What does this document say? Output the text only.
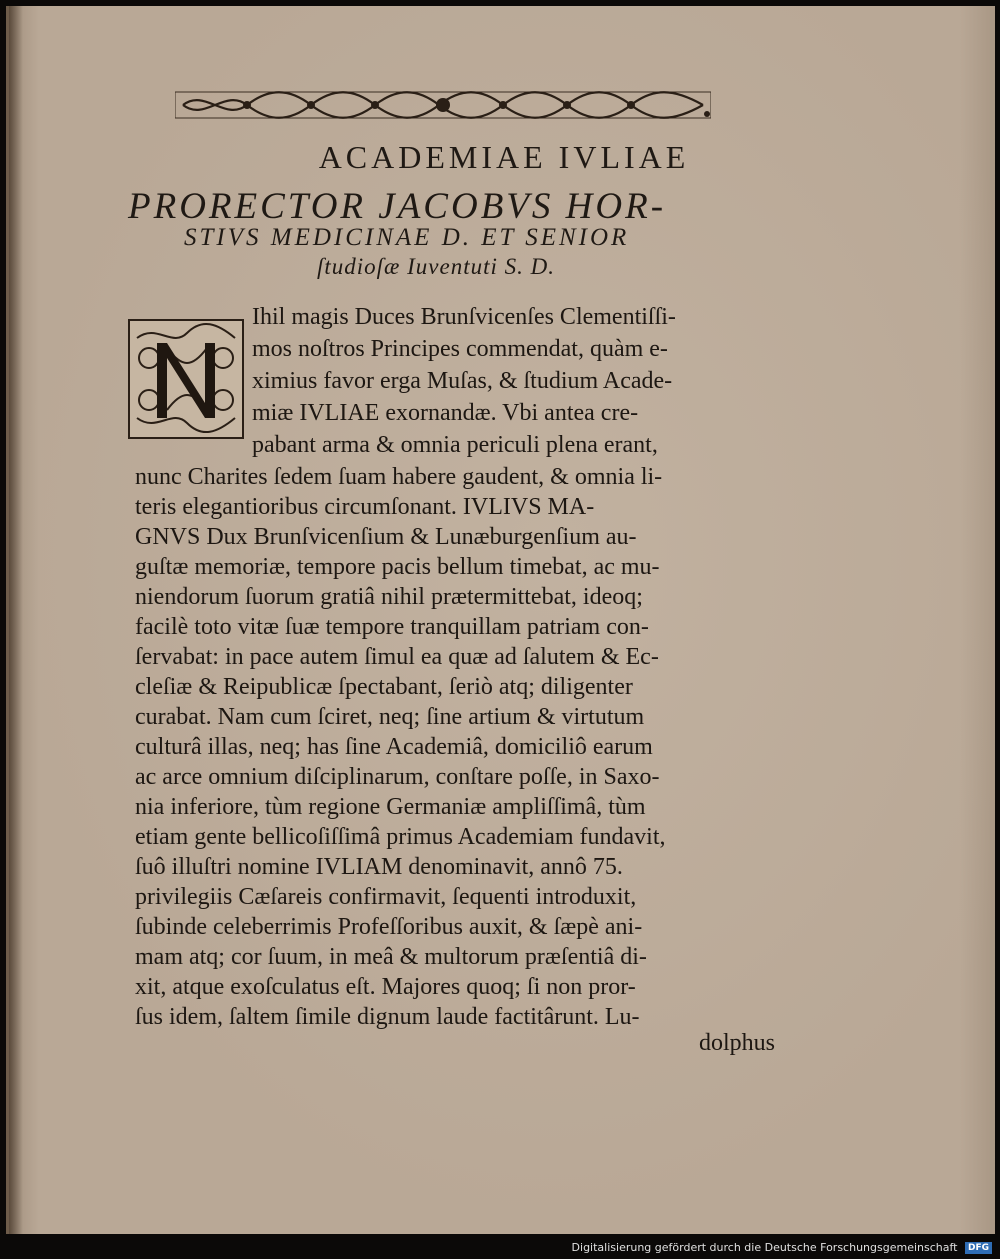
ACADEMIAE IVLIAE
PRORECTOR JACOBVS HOR-
STIVS MEDICINAE D. ET SENIOR
ſtudioſæ Iuventuti S. D.
Ihil magis Duces Brunſvicenſes Clementiſſi-
mos noſtros Principes commendat, quàm e-
ximius favor erga Muſas, & ſtudium Acade-
miæ IVLIAE exornandæ. Vbi antea cre-
pabant arma & omnia periculi plena erant,
nunc Charites ſedem ſuam habere gaudent, & omnia li-
teris elegantioribus circumſonant. IVLIVS MA-
GNVS Dux Brunſvicenſium & Lunæburgenſium au-
guſtæ memoriæ, tempore pacis bellum timebat, ac mu-
niendorum ſuorum gratiâ nihil prætermittebat, ideoq;
facilè toto vitæ ſuæ tempore tranquillam patriam con-
ſervabat: in pace autem ſimul ea quæ ad ſalutem & Ec-
cleſiæ & Reipublicæ ſpectabant, ſeriò atq; diligenter
curabat. Nam cum ſciret, neq; ſine artium & virtutum
culturâ illas, neq; has ſine Academiâ, domiciliô earum
ac arce omnium diſciplinarum, conſtare poſſe, in Saxo-
nia inferiore, tùm regione Germaniæ ampliſſimâ, tùm
etiam gente bellicoſiſſimâ primus Academiam fundavit,
ſuô illuſtri nomine IVLIAM denominavit, annô 75.
privilegiis Cæſareis confirmavit, ſequenti introduxit,
ſubinde celeberrimis Profeſſoribus auxit, & ſæpè ani-
mam atq; cor ſuum, in meâ & multorum præſentiâ di-
xit, atque exoſculatus eſt. Majores quoq; ſi non pror-
ſus idem, ſaltem ſimile dignum laude factitârunt. Lu-
dolphus
Digitalisierung gefördert durch die Deutsche Forschungsgemeinschaft DFG
